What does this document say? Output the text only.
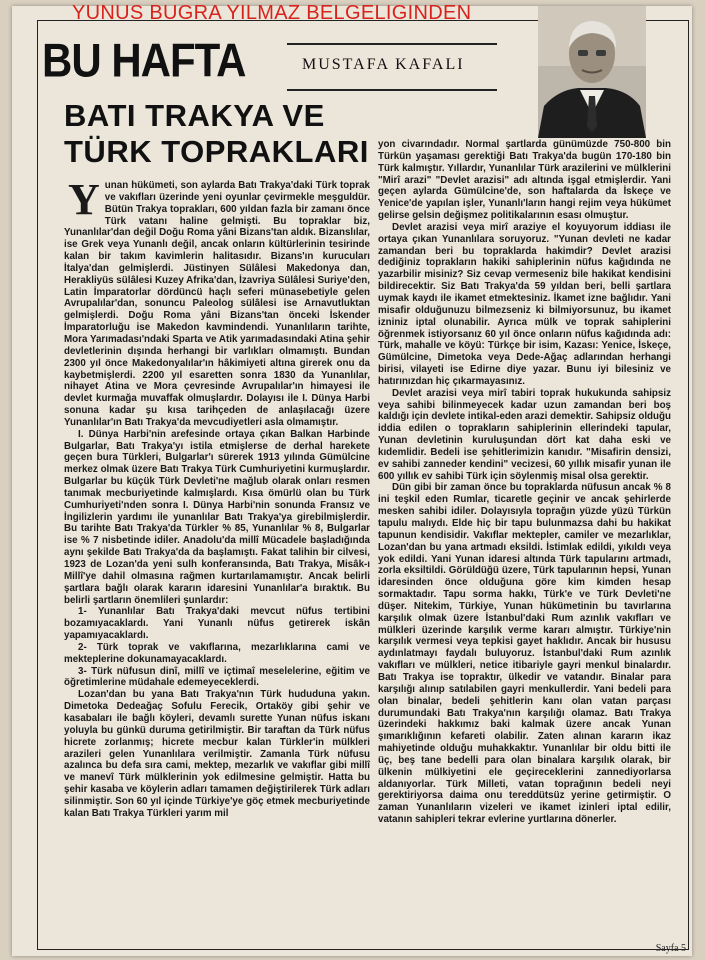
YUNUS BUGRA YILMAZ BELGELIGINDEN
BU HAFTA	MUSTAFA KAFALI
BATI TRAKYA VE TÜRK TOPRAKLARI

Yunan hükümeti, son aylarda Batı Trakya'daki Türk toprak ve vakıfları üzerinde yeni oyunlar çevirmekle meşguldür. Bütün Trakya toprakları, 600 yıldan fazla bir zamanı önce Türk vatanı haline gelmişti. Bu topraklar biz, Yunanlılar'dan değil Doğu Roma yâni Bizans'tan aldık. Bizanslılar, ise Grek veya Yunanlı değil, ancak onların kültürlerinin tesirinde kalan bir takım kavimlerin halitasıdır. Bizans'ın kurucuları İtalya'dan gelmişlerdi. Jüstinyen Sülâlesi Makedonya dan, Herakliyüs sülâlesi Kuzey Afrika'dan, İzavriya Sülâlesi Suriye'den, Latin İmparatorlar dördüncü haçlı seferi münasebetiyle gelen Avrupalılar'dan, sonuncu Paleolog sülâlesi ise Arnavutluktan gelmişlerdi. Doğu Roma yâni Bizans'tan önceki İskender İmparatorluğu ise Makedon kavmindendi. Yunanlıların tarihte, Mora Yarımadası'ndaki Sparta ve Atik yarımadasındaki Atina şehir devletlerinin dışında herhangi bir varlıkları olmamıştı. Bundan 2300 yıl önce Makedonyalılar'ın hâkimiyeti altına girerek onu da kaybetmişlerdi. 2200 yıl esaretten sonra 1830 da Yunanlılar, nihayet Atina ve Mora çevresinde Avrupalılar'ın himayesi ile devlet kurmağa muvaffak olmuşlardır. Dolayısı ile I. Dünya Harbi sonuna kadar şu kısa tarihçeden de anlaşılacağı üzere Yunanlılar'ın Batı Trakya'da mevcudiyetleri asla olmamıştır.

I. Dünya Harbi'nin arefesinde ortaya çıkan Balkan Harbinde Bulgarlar, Batı Trakya'yı istila etmişlerse de derhal harekete geçen bura Türkleri, Bulgarlar'ı sürerek 1913 yılında Gümülcine merkez olmak üzere Batı Trakya Türk Cumhuriyetini kurmuşlardır. Bulgarlar bu küçük Türk Devleti'ne mağlub olarak onları resmen tanımak mecburiyetinde kalmışlardı. Kısa ömürlü olan bu Türk Cumhuriyeti'nden sonra I. Dünya Harbi'nin sonunda Fransız ve İngilizlerin yardımı ile yunanlılar Batı Trakya'ya girebilmişlerdir. Bu tarihte Batı Trakya'da Türkler % 85, Yunanlılar % 8, Bulgarlar ise % 7 nisbetinde idiler. Anadolu'da millî Mücadele başladığında aynı şekilde Batı Trakya'da da başlamıştı. Fakat talihin bir cilvesi, 1923 de Lozan'da yeni sulh konferansında, Batı Trakya, Misâk-ı Millî'ye dahil olmasına rağmen kurtarılamamıştır. Ancak belirli şartlara bağlı olarak kararın idaresini Yunanlılar'a bıraktık. Bu belirli şartların önemlileri şunlardır:

1- Yunanlılar Batı Trakya'daki mevcut nüfus tertibini bozamıyacaklardı. Yani Yunanlı nüfus getirerek iskân yapamıyacaklardı.

2- Türk toprak ve vakıflarına, mezarlıklarına cami ve mekteplerine dokunamayacaklardı.

3- Türk nüfusun dinî, millî ve içtimaî meselelerine, eğitim ve öğretimlerine müdahale edemeyeceklerdi.

Lozan'dan bu yana Batı Trakya'nın Türk hududuna yakın. Dimetoka Dedeağaç Sofulu Ferecik, Ortaköy gibi şehir ve kasabaları ile bağlı köyleri, devamlı surette Yunan nüfus iskanı yoluyla bu günkü duruma getirilmiştir. Bir taraftan da Türk nüfus hicrete zorlanmış; hicrete mecbur kalan Türkler'in mülkleri arazileri gelen Yunanlılara verilmiştir. Zamanla Türk nüfusu azalınca bu defa sıra cami, mektep, mezarlık ve vakıflar gibi millî ve manevî Türk mülklerinin yok edilmesine gelmiştir. Hatta bu şehir kasaba ve köylerin adları tamamen değiştirilerek Türk adları silinmiştir. Son 60 yıl içinde Türkiye'ye göç etmek mecburiyetinde kalan Batı Trakya Türkleri yarım mil

yon civarındadır. Normal şartlarda günümüzde 750-800 bin Türkün yaşaması gerektiği Batı Trakya'da bugün 170-180 bin Türk kalmıştır. Yıllardır, Yunanlılar Türk arazilerini ve mülklerini "Mirî arazi" "Devlet arazisi" adı altında işgal etmişlerdir. Yani geçen aylarda Gümülcine'de, son haftalarda da İskeçe ve Yenice'de yapılan işler, Yunanlı'ların hangi rejim veya hükümet gelirse gelsin değişmez politikalarının esası olmuştur.

Devlet arazisi veya mirî araziye el koyuyorum iddiası ile ortaya çıkan Yunanlılara soruyoruz. "Yunan devleti ne kadar zamandan beri bu topraklarda hakimdir? Devlet arazisi dediğiniz toprakların hakiki sahiplerinin nüfus kağıdında ne yazarbilir misiniz? Siz cevap vermeseniz bile hakikat kendisini bildirecektir. Siz Batı Trakya'da 59 yıldan beri, belli şartlara uymak kaydı ile ikamet etmektesiniz. İkamet izne bağlıdır. Yani misafir olduğunuzu bilmezseniz ki bilmiyorsunuz, bu ikamet izniniz iptal olunabilir. Ayrıca mülk ve toprak sahiplerini öğrenmek istiyorsanız 60 yıl önce onların nüfus kağıdında adı: Türk, mahalle ve köyü: Türkçe bir isim, Kazası: Yenice, İskeçe, Gümülcine, Dimetoka veya Dede-Ağaç adlarından herhangi birisi, vilayeti ise Edirne diye yazar. Bunu iyi bilesiniz ve hatırınızdan hiç çıkarmayasınız.

Devlet arazisi veya mirî tabiri toprak hukukunda sahipsiz veya sahibi bilinmeyecek kadar uzun zamandan beri boş kaldığı için devlete intikal-eden arazi demektir. Sahipsiz olduğu iddia edilen o toprakların sahiplerinin ellerindeki tapular, Yunan devletinin kuruluşundan dört kat daha eski ve kıdemlidir. Bedeli ise şehitlerimizin kanıdır. "Misafirin densizi, ev sahibi zanneder kendini" vecizesi, 60 yıllık misafir yunan ile 600 yıllık ev sahibi Türk için söylenmiş misal olsa gerektir.

Dün gibi bir zaman önce bu topraklarda nüfusun ancak % 8 ini teşkil eden Rumlar, ticaretle geçinir ve ancak şehirlerde mesken sahibi idiler. Dolayısıyla toprağın yüzde yüzü Türkün tapulu malıydı. Elde hiç bir tapu bulunmazsa dahi bu hakikat tapunun kendisidir. Vakıflar mektepler, camiler ve mezarlıklar, Lozan'dan bu yana artmadı eksildi. İstimlak edildi, yıkıldı veya yok edildi. Yani Yunan idaresi altında Türk tapularını artmadı, zorla eksiltildi. Görüldüğü üzere, Türk tapularının hepsi, Yunan idaresinden önce olduğuna göre kim kimden hesap sormaktadır. Tapu sorma hakkı, Türk'e ve Türk Devleti'ne düşer. Nitekim, Türkiye, Yunan hükümetinin bu tavırlarına karşılık olmak üzere İstanbul'daki Rum azınlık vakıfları ve mülkleri üzerinde karşılık verme kararı almıştır. Türkiye'nin karşılık vermesi veya tepkisi gayet haklıdır. Ancak bir hususu aydınlatmayı faydalı buluyoruz. İstanbul'daki Rum azınlık vakıfları ve mülkleri, netice itibariyle gayri menkul binalardır. Batı Trakya ise topraktır, ülkedir ve vatandır. Binalar para karşılığı alınıp satılabilen gayri menkullerdir. Yani bedeli para olan binalar, bedeli şehitlerin kanı olan vatan parçası durumundaki Batı Trakya'nın karşılığı olamaz. Batı Trakya üzerindeki hakkımız baki kalmak üzere ancak Yunan şımarıklığının kefareti olabilir. Zaten alınan kararın ikaz mahiyetinde olduğu muhakkaktır. Yunanlılar bir oldu bitti ile üç, beş tane bedelli para olan binalara karşılık olarak, bir ülkenin mülkiyetini ele geçireceklerini zannediyorlarsa aldanıyorlar. Türk Milleti, vatan toprağının bedeli neyi gerektiriyorsa daima onu tereddütsüz yerine getirmiştir. O zaman Yunanlıların vizeleri ve ikamet izinleri iptal edilir, vatanın sahipleri tekrar evlerine yurtlarına dönerler.

Sayfa 5
